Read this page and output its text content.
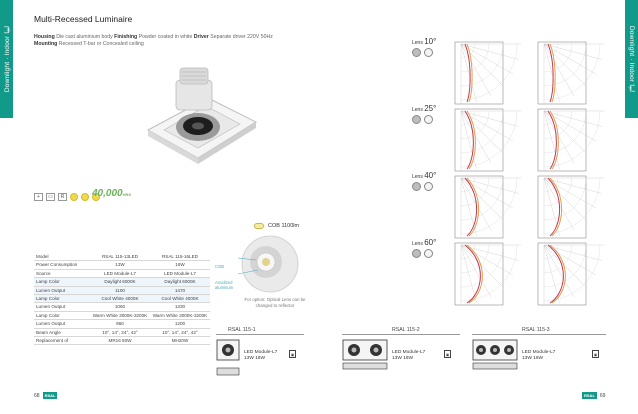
Downlight · Indoor لیپا	Downlight · Indoor لیپا
Multi-Recessed Luminaire
Housing Die cast aluminium body Finishing Powder coated in white Driver Separate driver 220V 50Hz Mounting Recessed T-bar or Concealed ceiling
+	▭	R	40,000HRS
COB 1100lm
Model	RSAL 115-13LED	RSAL 115-16LED
Power Consumption	13W	16W
Source	LED Module-L7	LED Module-L7
Lamp Color	Daylight 6000K	Daylight 6000K
Lumen Output	1100	1470
Lamp Color	Cool White 4000K	Cool White 4000K
Lumen Output	1060	1330
Lamp Color	Warm White 3000K-3200K	Warm White 3000K-3200K
Lumen Output	960	1200
Beam Angle	10°, 14°, 24°, 42°	10°, 14°, 24°, 42°
Replacement of	MR16 50W	MH20W
COB
Anodized aluminum
For option: Optical Lens can be changed to reflector
RSAL 115-1
LED Module-L7
13W 16W
▣
RSAL 115-2
LED Module-L7
13W 16W
▣
RSAL 115-3
LED Module-L7
13W 16W
▣
68	RSAL	RSAL	69
Lens 10°
Lens 25°
Lens 40°
Lens 60°
